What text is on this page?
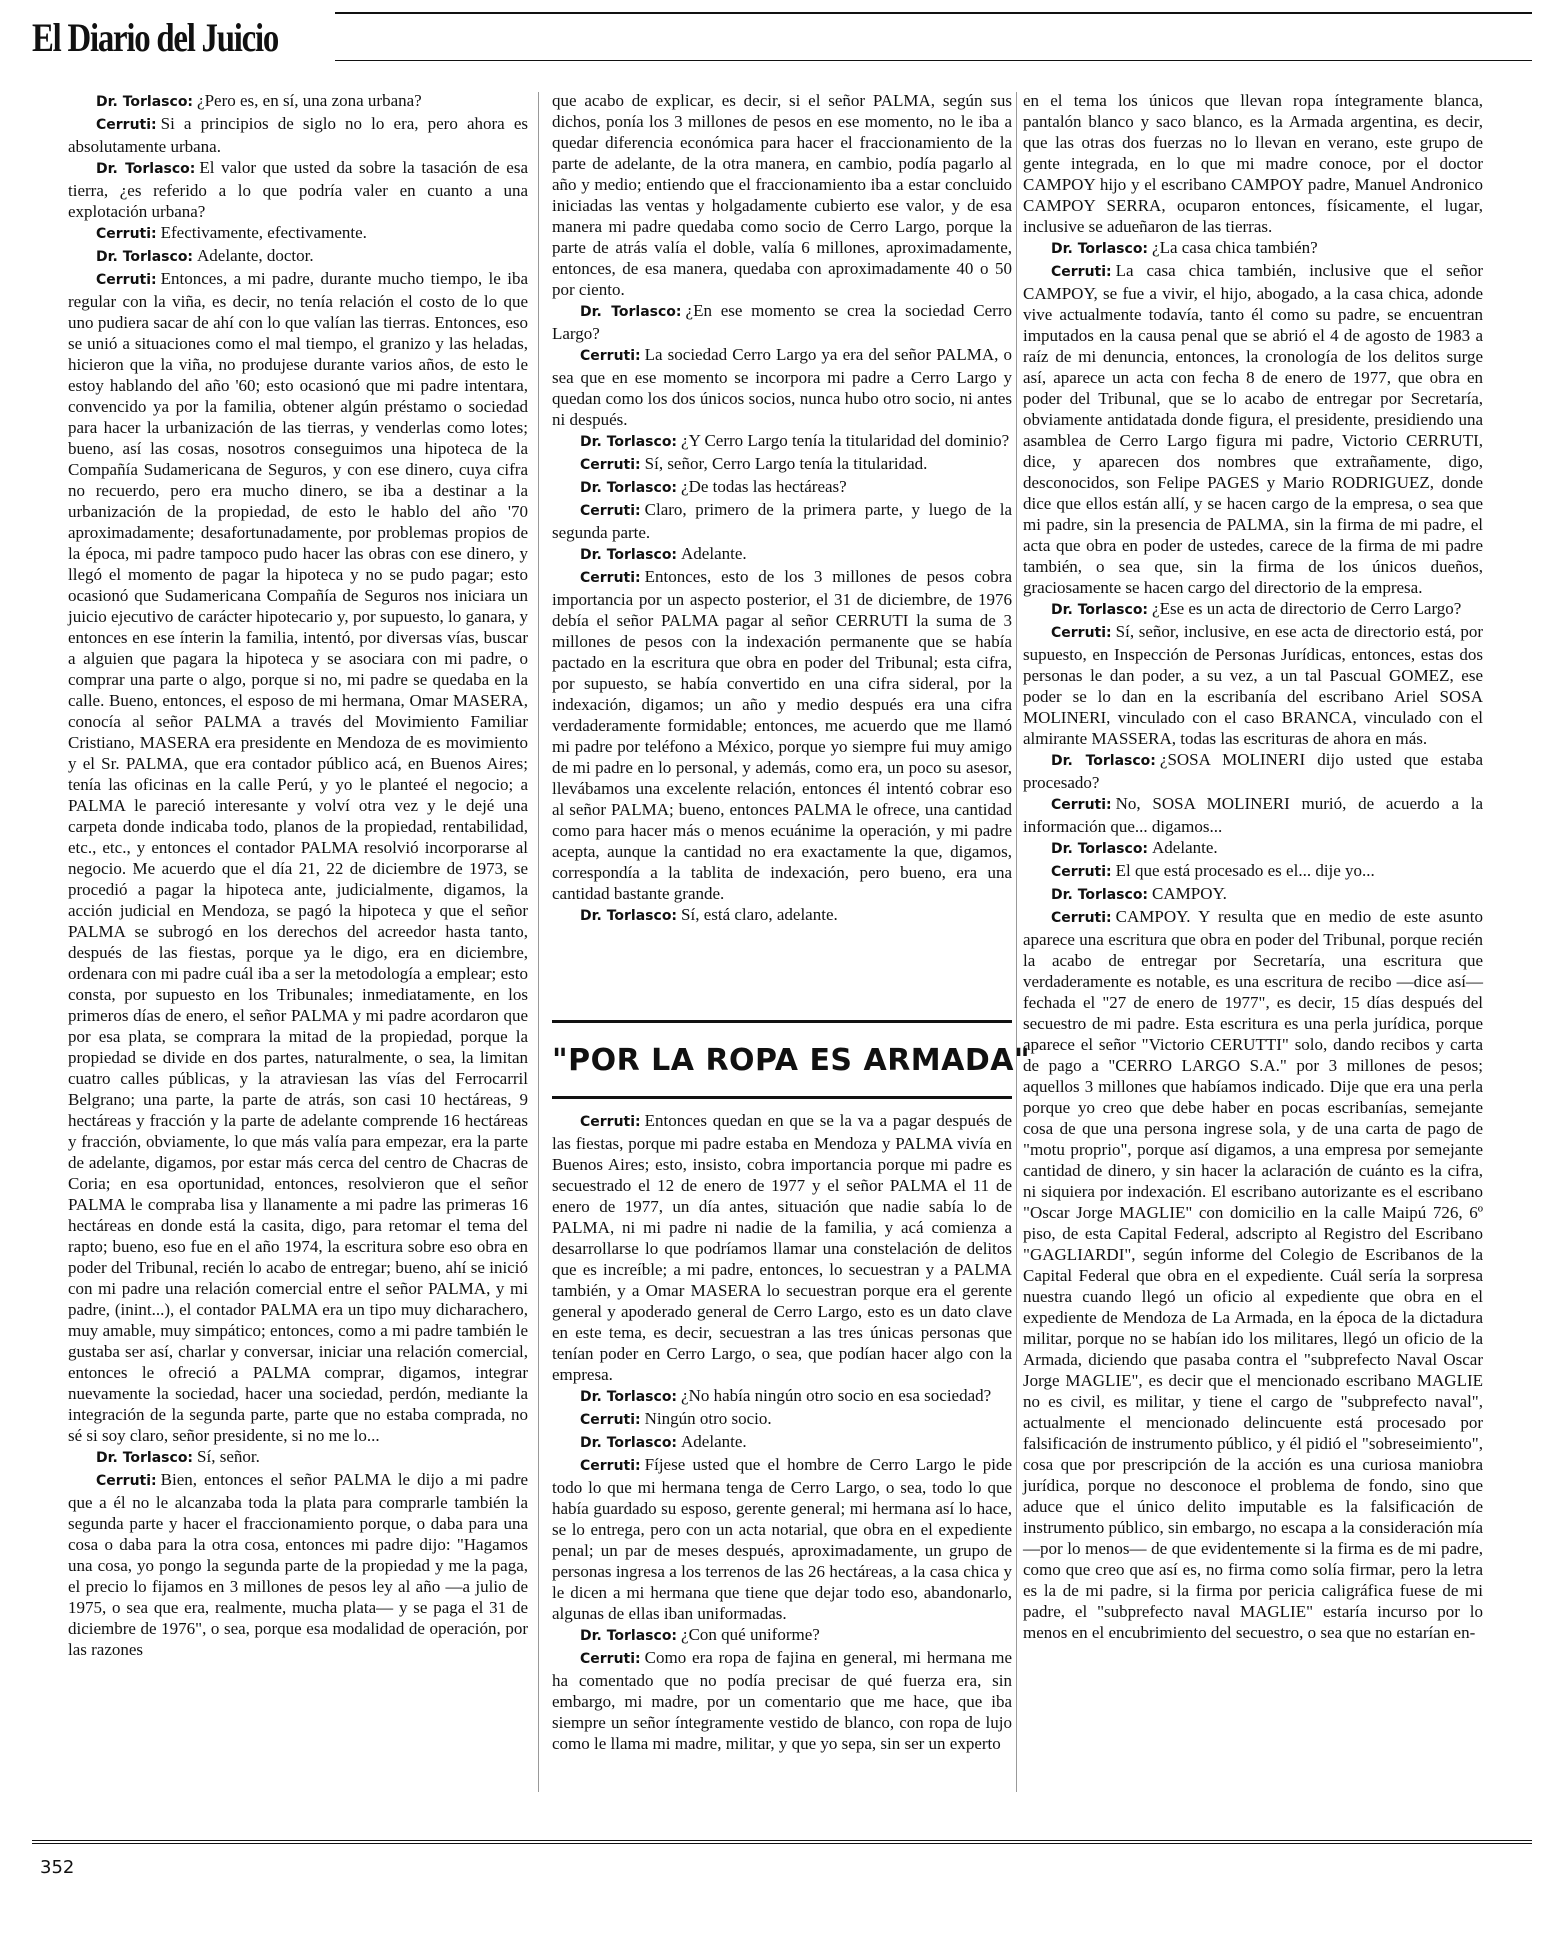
El Diario del Juicio

Dr. Torlasco: ¿Pero es, en sí, una zona urbana?

Cerruti: Si a principios de siglo no lo era, pero ahora es absolutamente urbana.

Dr. Torlasco: El valor que usted da sobre la tasación de esa tierra, ¿es referido a lo que podría valer en cuanto a una explotación urbana?

Cerruti: Efectivamente, efectivamente.

Dr. Torlasco: Adelante, doctor.

Cerruti: Entonces, a mi padre, durante mucho tiempo, le iba regular con la viña, es decir, no tenía relación el costo de lo que uno pudiera sacar de ahí con lo que valían las tierras. Entonces, eso se unió a situaciones como el mal tiempo, el granizo y las heladas, hicieron que la viña, no produjese durante varios años, de esto le estoy hablando del año '60; esto ocasionó que mi padre intentara, convencido ya por la familia, obtener algún préstamo o sociedad para hacer la urbanización de las tierras, y venderlas como lotes; bueno, así las cosas, nosotros conseguimos una hipoteca de la Compañía Sudamericana de Seguros, y con ese dinero, cuya cifra no recuerdo, pero era mucho dinero, se iba a destinar a la urbanización de la propiedad, de esto le hablo del año '70 aproximadamente; desafortunadamente, por problemas propios de la época, mi padre tampoco pudo hacer las obras con ese dinero, y llegó el momento de pagar la hipoteca y no se pudo pagar; esto ocasionó que Sudamericana Compañía de Seguros nos iniciara un juicio ejecutivo de carácter hipotecario y, por supuesto, lo ganara, y entonces en ese ínterin la familia, intentó, por diversas vías, buscar a alguien que pagara la hipoteca y se asociara con mi padre, o comprar una parte o algo, porque si no, mi padre se quedaba en la calle. Bueno, entonces, el esposo de mi hermana, Omar MASERA, conocía al señor PALMA a través del Movimiento Familiar Cristiano, MASERA era presidente en Mendoza de es movimiento y el Sr. PALMA, que era contador público acá, en Buenos Aires; tenía las oficinas en la calle Perú, y yo le planteé el negocio; a PALMA le pareció interesante y volví otra vez y le dejé una carpeta donde indicaba todo, planos de la propiedad, rentabilidad, etc., etc., y entonces el contador PALMA resolvió incorporarse al negocio. Me acuerdo que el día 21, 22 de diciembre de 1973, se procedió a pagar la hipoteca ante, judicialmente, digamos, la acción judicial en Mendoza, se pagó la hipoteca y que el señor PALMA se subrogó en los derechos del acreedor hasta tanto, después de las fiestas, porque ya le digo, era en diciembre, ordenara con mi padre cuál iba a ser la metodología a emplear; esto consta, por supuesto en los Tribunales; inmediatamente, en los primeros días de enero, el señor PALMA y mi padre acordaron que por esa plata, se comprara la mitad de la propiedad, porque la propiedad se divide en dos partes, naturalmente, o sea, la limitan cuatro calles públicas, y la atraviesan las vías del Ferrocarril Belgrano; una parte, la parte de atrás, son casi 10 hectáreas, 9 hectáreas y fracción y la parte de adelante comprende 16 hectáreas y fracción, obviamente, lo que más valía para empezar, era la parte de adelante, digamos, por estar más cerca del centro de Chacras de Coria; en esa oportunidad, entonces, resolvieron que el señor PALMA le compraba lisa y llanamente a mi padre las primeras 16 hectáreas en donde está la casita, digo, para retomar el tema del rapto; bueno, eso fue en el año 1974, la escritura sobre eso obra en poder del Tribunal, recién lo acabo de entregar; bueno, ahí se inició con mi padre una relación comercial entre el señor PALMA, y mi padre, (inint...), el contador PALMA era un tipo muy dicharachero, muy amable, muy simpático; entonces, como a mi padre también le gustaba ser así, charlar y conversar, iniciar una relación comercial, entonces le ofreció a PALMA comprar, digamos, integrar nuevamente la sociedad, hacer una sociedad, perdón, mediante la integración de la segunda parte, parte que no estaba comprada, no sé si soy claro, señor presidente, si no me lo...

Dr. Torlasco: Sí, señor.

Cerruti: Bien, entonces el señor PALMA le dijo a mi padre que a él no le alcanzaba toda la plata para comprarle también la segunda parte y hacer el fraccionamiento porque, o daba para una cosa o daba para la otra cosa, entonces mi padre dijo: "Hagamos una cosa, yo pongo la segunda parte de la propiedad y me la paga, el precio lo fijamos en 3 millones de pesos ley al año —a julio de 1975, o sea que era, realmente, mucha plata— y se paga el 31 de diciembre de 1976", o sea, porque esa modalidad de operación, por las razones

que acabo de explicar, es decir, si el señor PALMA, según sus dichos, ponía los 3 millones de pesos en ese momento, no le iba a quedar diferencia económica para hacer el fraccionamiento de la parte de adelante, de la otra manera, en cambio, podía pagarlo al año y medio; entiendo que el fraccionamiento iba a estar concluido iniciadas las ventas y holgadamente cubierto ese valor, y de esa manera mi padre quedaba como socio de Cerro Largo, porque la parte de atrás valía el doble, valía 6 millones, aproximadamente, entonces, de esa manera, quedaba con aproximadamente 40 o 50 por ciento.

Dr. Torlasco: ¿En ese momento se crea la sociedad Cerro Largo?

Cerruti: La sociedad Cerro Largo ya era del señor PALMA, o sea que en ese momento se incorpora mi padre a Cerro Largo y quedan como los dos únicos socios, nunca hubo otro socio, ni antes ni después.

Dr. Torlasco: ¿Y Cerro Largo tenía la titularidad del dominio?

Cerruti: Sí, señor, Cerro Largo tenía la titularidad.

Dr. Torlasco: ¿De todas las hectáreas?

Cerruti: Claro, primero de la primera parte, y luego de la segunda parte.

Dr. Torlasco: Adelante.

Cerruti: Entonces, esto de los 3 millones de pesos cobra importancia por un aspecto posterior, el 31 de diciembre, de 1976 debía el señor PALMA pagar al señor CERRUTI la suma de 3 millones de pesos con la indexación permanente que se había pactado en la escritura que obra en poder del Tribunal; esta cifra, por supuesto, se había convertido en una cifra sideral, por la indexación, digamos; un año y medio después era una cifra verdaderamente formidable; entonces, me acuerdo que me llamó mi padre por teléfono a México, porque yo siempre fui muy amigo de mi padre en lo personal, y además, como era, un poco su asesor, llevábamos una excelente relación, entonces él intentó cobrar eso al señor PALMA; bueno, entonces PALMA le ofrece, una cantidad como para hacer más o menos ecuánime la operación, y mi padre acepta, aunque la cantidad no era exactamente la que, digamos, correspondía a la tablita de indexación, pero bueno, era una cantidad bastante grande.

Dr. Torlasco: Sí, está claro, adelante.

"POR LA ROPA ES ARMADA"

Cerruti: Entonces quedan en que se la va a pagar después de las fiestas, porque mi padre estaba en Mendoza y PALMA vivía en Buenos Aires; esto, insisto, cobra importancia porque mi padre es secuestrado el 12 de enero de 1977 y el señor PALMA el 11 de enero de 1977, un día antes, situación que nadie sabía lo de PALMA, ni mi padre ni nadie de la familia, y acá comienza a desarrollarse lo que podríamos llamar una constelación de delitos que es increíble; a mi padre, entonces, lo secuestran y a PALMA también, y a Omar MASERA lo secuestran porque era el gerente general y apoderado general de Cerro Largo, esto es un dato clave en este tema, es decir, secuestran a las tres únicas personas que tenían poder en Cerro Largo, o sea, que podían hacer algo con la empresa.

Dr. Torlasco: ¿No había ningún otro socio en esa sociedad?

Cerruti: Ningún otro socio.

Dr. Torlasco: Adelante.

Cerruti: Fíjese usted que el hombre de Cerro Largo le pide todo lo que mi hermana tenga de Cerro Largo, o sea, todo lo que había guardado su esposo, gerente general; mi hermana así lo hace, se lo entrega, pero con un acta notarial, que obra en el expediente penal; un par de meses después, aproximadamente, un grupo de personas ingresa a los terrenos de las 26 hectáreas, a la casa chica y le dicen a mi hermana que tiene que dejar todo eso, abandonarlo, algunas de ellas iban uniformadas.

Dr. Torlasco: ¿Con qué uniforme?

Cerruti: Como era ropa de fajina en general, mi hermana me ha comentado que no podía precisar de qué fuerza era, sin embargo, mi madre, por un comentario que me hace, que iba siempre un señor íntegramente vestido de blanco, con ropa de lujo como le llama mi madre, militar, y que yo sepa, sin ser un experto

en el tema los únicos que llevan ropa íntegramente blanca, pantalón blanco y saco blanco, es la Armada argentina, es decir, que las otras dos fuerzas no lo llevan en verano, este grupo de gente integrada, en lo que mi madre conoce, por el doctor CAMPOY hijo y el escribano CAMPOY padre, Manuel Andronico CAMPOY SERRA, ocuparon entonces, físicamente, el lugar, inclusive se adueñaron de las tierras.

Dr. Torlasco: ¿La casa chica también?

Cerruti: La casa chica también, inclusive que el señor CAMPOY, se fue a vivir, el hijo, abogado, a la casa chica, adonde vive actualmente todavía, tanto él como su padre, se encuentran imputados en la causa penal que se abrió el 4 de agosto de 1983 a raíz de mi denuncia, entonces, la cronología de los delitos surge así, aparece un acta con fecha 8 de enero de 1977, que obra en poder del Tribunal, que se lo acabo de entregar por Secretaría, obviamente antidatada donde figura, el presidente, presidiendo una asamblea de Cerro Largo figura mi padre, Victorio CERRUTI, dice, y aparecen dos nombres que extrañamente, digo, desconocidos, son Felipe PAGES y Mario RODRIGUEZ, donde dice que ellos están allí, y se hacen cargo de la empresa, o sea que mi padre, sin la presencia de PALMA, sin la firma de mi padre, el acta que obra en poder de ustedes, carece de la firma de mi padre también, o sea que, sin la firma de los únicos dueños, graciosamente se hacen cargo del directorio de la empresa.

Dr. Torlasco: ¿Ese es un acta de directorio de Cerro Largo?

Cerruti: Sí, señor, inclusive, en ese acta de directorio está, por supuesto, en Inspección de Personas Jurídicas, entonces, estas dos personas le dan poder, a su vez, a un tal Pascual GOMEZ, ese poder se lo dan en la escribanía del escribano Ariel SOSA MOLINERI, vinculado con el caso BRANCA, vinculado con el almirante MASSERA, todas las escrituras de ahora en más.

Dr. Torlasco: ¿SOSA MOLINERI dijo usted que estaba procesado?

Cerruti: No, SOSA MOLINERI murió, de acuerdo a la información que... digamos...

Dr. Torlasco: Adelante.

Cerruti: El que está procesado es el... dije yo...

Dr. Torlasco: CAMPOY.

Cerruti: CAMPOY. Y resulta que en medio de este asunto aparece una escritura que obra en poder del Tribunal, porque recién la acabo de entregar por Secretaría, una escritura que verdaderamente es notable, es una escritura de recibo —dice así— fechada el "27 de enero de 1977", es decir, 15 días después del secuestro de mi padre. Esta escritura es una perla jurídica, porque aparece el señor "Victorio CERUTTI" solo, dando recibos y carta de pago a "CERRO LARGO S.A." por 3 millones de pesos; aquellos 3 millones que habíamos indicado. Dije que era una perla porque yo creo que debe haber en pocas escribanías, semejante cosa de que una persona ingrese sola, y de una carta de pago de "motu proprio", porque así digamos, a una empresa por semejante cantidad de dinero, y sin hacer la aclaración de cuánto es la cifra, ni siquiera por indexación. El escribano autorizante es el escribano "Oscar Jorge MAGLIE" con domicilio en la calle Maipú 726, 6º piso, de esta Capital Federal, adscripto al Registro del Escribano "GAGLIARDI", según informe del Colegio de Escribanos de la Capital Federal que obra en el expediente. Cuál sería la sorpresa nuestra cuando llegó un oficio al expediente que obra en el expediente de Mendoza de La Armada, en la época de la dictadura militar, porque no se habían ido los militares, llegó un oficio de la Armada, diciendo que pasaba contra el "subprefecto Naval Oscar Jorge MAGLIE", es decir que el mencionado escribano MAGLIE no es civil, es militar, y tiene el cargo de "subprefecto naval", actualmente el mencionado delincuente está procesado por falsificación de instrumento público, y él pidió el "sobreseimiento", cosa que por prescripción de la acción es una curiosa maniobra jurídica, porque no desconoce el problema de fondo, sino que aduce que el único delito imputable es la falsificación de instrumento público, sin embargo, no escapa a la consideración mía —por lo menos— de que evidentemente si la firma es de mi padre, como que creo que así es, no firma como solía firmar, pero la letra es la de mi padre, si la firma por pericia caligráfica fuese de mi padre, el "subprefecto naval MAGLIE" estaría incurso por lo menos en el encubrimiento del secuestro, o sea que no estarían en-

352
